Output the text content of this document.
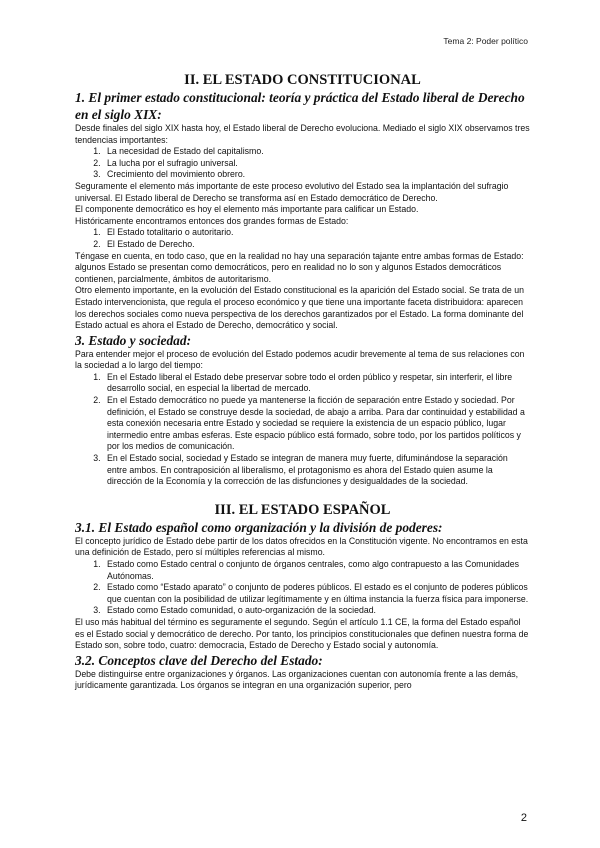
Tema 2: Poder político
II. EL ESTADO CONSTITUCIONAL
1. El primer estado constitucional: teoría y práctica del Estado liberal de Derecho en el siglo XIX:

Desde finales del siglo XIX hasta hoy, el Estado liberal de Derecho evoluciona. Mediado el siglo XIX observamos tres tendencias importantes:

1. La necesidad de Estado del capitalismo.
2. La lucha por el sufragio universal.
3. Crecimiento del movimiento obrero.

Seguramente el elemento más importante de este proceso evolutivo del Estado sea la implantación del sufragio universal. El Estado liberal de Derecho se transforma así en Estado democrático de Derecho.

El componente democrático es hoy el elemento más importante para calificar un Estado.

Históricamente encontramos entonces dos grandes formas de Estado:

1. El Estado totalitario o autoritario.
2. El Estado de Derecho.

Téngase en cuenta, en todo caso, que en la realidad no hay una separación tajante entre ambas formas de Estado: algunos Estado se presentan como democráticos, pero en realidad no lo son y algunos Estados democráticos contienen, parcialmente, ámbitos de autoritarismo.

Otro elemento importante, en la evolución del Estado constitucional es la aparición del Estado social. Se trata de un Estado intervencionista, que regula el proceso económico y que tiene una importante faceta distribuidora: aparecen los derechos sociales como nueva perspectiva de los derechos garantizados por el Estado. La forma dominante del Estado actual es ahora el Estado de Derecho, democrático y social.

3. Estado y sociedad:

Para entender mejor el proceso de evolución del Estado podemos acudir brevemente al tema de sus relaciones con la sociedad a lo largo del tiempo:

1. En el Estado liberal el Estado debe preservar sobre todo el orden público y respetar, sin interferir, el libre desarrollo social, en especial la libertad de mercado.
2. En el Estado democrático no puede ya mantenerse la ficción de separación entre Estado y sociedad. Por definición, el Estado se construye desde la sociedad, de abajo a arriba. Para dar continuidad y estabilidad a esta conexión necesaria entre Estado y sociedad se requiere la existencia de un espacio público, lugar intermedio entre ambas esferas. Este espacio público está formado, sobre todo, por los partidos políticos y por los medios de comunicación.
3. En el Estado social, sociedad y Estado se integran de manera muy fuerte, difuminándose la separación entre ambos. En contraposición al liberalismo, el protagonismo es ahora del Estado quien asume la dirección de la Economía y la corrección de las disfunciones y desigualdades de la sociedad.
III. EL ESTADO ESPAÑOL
3.1. El Estado español como organización y la división de poderes:

El concepto jurídico de Estado debe partir de los datos ofrecidos en la Constitución vigente. No encontramos en esta una definición de Estado, pero sí múltiples referencias al mismo.

1. Estado como Estado central o conjunto de órganos centrales, como algo contrapuesto a las Comunidades Autónomas.
2. Estado como “Estado aparato” o conjunto de poderes públicos. El estado es el conjunto de poderes públicos que cuentan con la posibilidad de utilizar legítimamente y en última instancia la fuerza física para imponerse.
3. Estado como Estado comunidad, o auto-organización de la sociedad.

El uso más habitual del término es seguramente el segundo. Según el artículo 1.1 CE, la forma del Estado español es el Estado social y democrático de derecho. Por tanto, los principios constitucionales que definen nuestra forma de Estado son, sobre todo, cuatro: democracia, Estado de Derecho y Estado social y autonomía.

3.2. Conceptos clave del Derecho del Estado:

Debe distinguirse entre organizaciones y órganos. Las organizaciones cuentan con autonomía frente a las demás, jurídicamente garantizada. Los órganos se integran en una organización superior, pero

2
